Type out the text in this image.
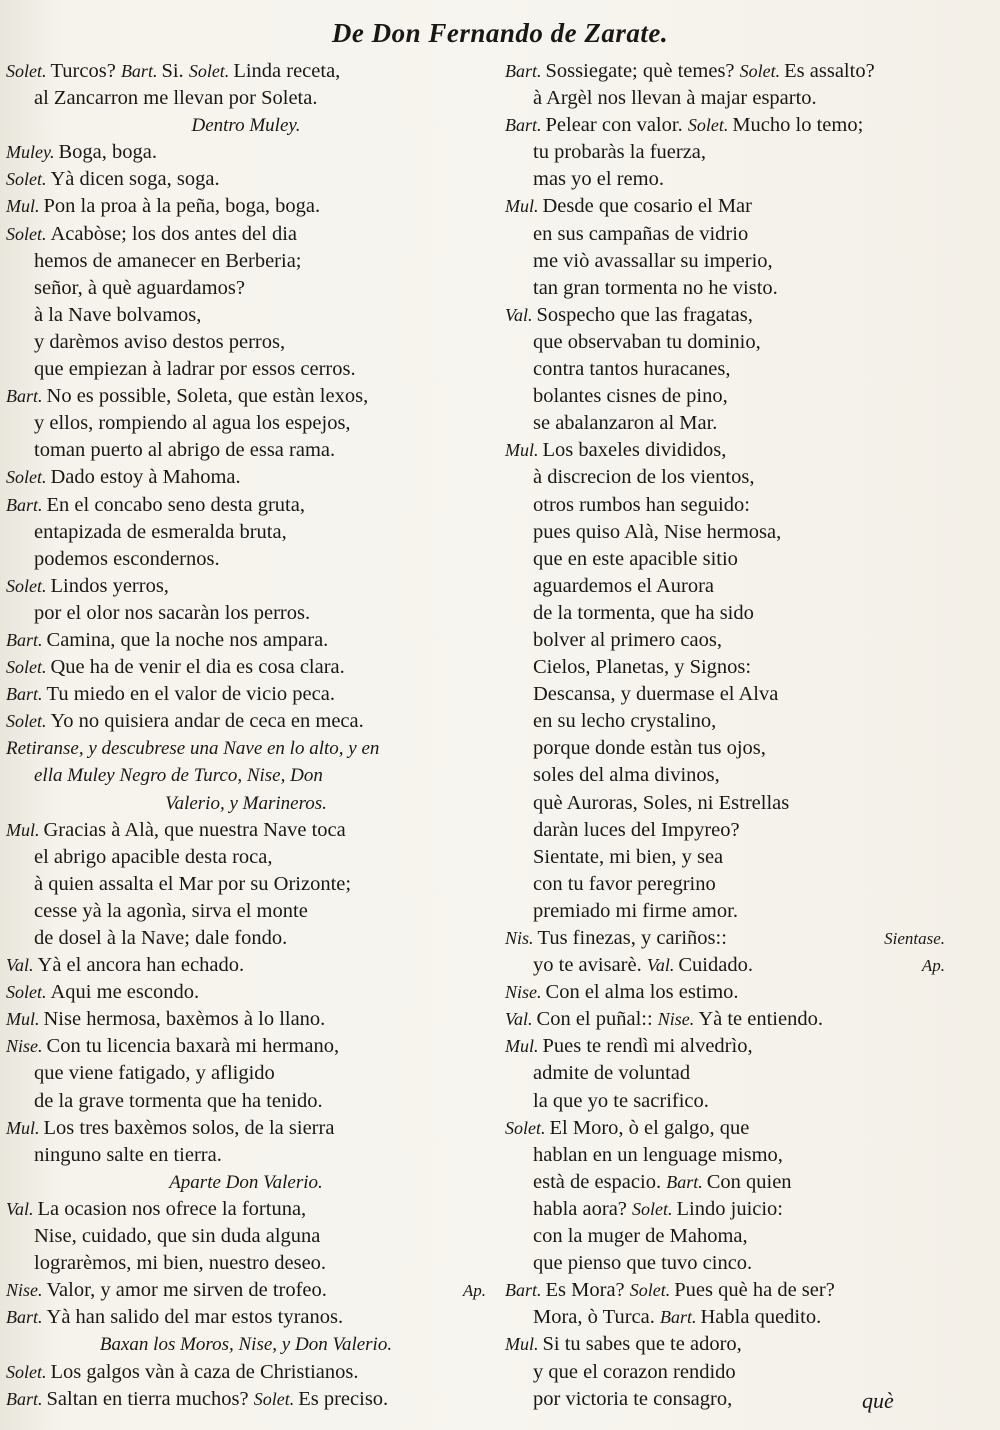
De Don Fernando de Zarate.
Solet. Turcos? Bart. Si. Solet. Linda receta,
al Zancarron me llevan por Soleta.
Dentro Muley.
Muley. Boga, boga.
Solet. Yà dicen soga, soga.
Mul. Pon la proa à la peña, boga, boga.
Solet. Acabòse; los dos antes del dia
hemos de amanecer en Berberia;
señor, à què aguardamos?
à la Nave bolvamos,
y darèmos aviso destos perros,
que empiezan à ladrar por essos cerros.
Bart. No es possible, Soleta, que estàn lexos,
y ellos, rompiendo al agua los espejos,
toman puerto al abrigo de essa rama.
Solet. Dado estoy à Mahoma.
Bart. En el concabo seno desta gruta,
entapizada de esmeralda bruta,
podemos escondernos.
Solet. Lindos yerros,
por el olor nos sacaràn los perros.
Bart. Camina, que la noche nos ampara.
Solet. Que ha de venir el dia es cosa clara.
Bart. Tu miedo en el valor de vicio peca.
Solet. Yo no quisiera andar de ceca en meca.
Retiranse, y descubrese una Nave en lo alto, y en
ella Muley Negro de Turco, Nise, Don
Valerio, y Marineros.
Mul. Gracias à Alà, que nuestra Nave toca
el abrigo apacible desta roca,
à quien assalta el Mar por su Orizonte;
cesse yà la agonìa, sirva el monte
de dosel à la Nave; dale fondo.
Val. Yà el ancora han echado.
Solet. Aqui me escondo.
Mul. Nise hermosa, baxèmos à lo llano.
Nise. Con tu licencia baxarà mi hermano,
que viene fatigado, y afligido
de la grave tormenta que ha tenido.
Mul. Los tres baxèmos solos, de la sierra
ninguno salte en tierra.
Aparte Don Valerio.
Val. La ocasion nos ofrece la fortuna,
Nise, cuidado, que sin duda alguna
lograrèmos, mi bien, nuestro deseo.
Nise. Valor, y amor me sirven de trofeo.	Ap.
Bart. Yà han salido del mar estos tyranos.
Baxan los Moros, Nise, y Don Valerio.
Solet. Los galgos vàn à caza de Christianos.
Bart. Saltan en tierra muchos? Solet. Es preciso.
Bart. Sossiegate; què temes? Solet. Es assalto?
à Argèl nos llevan à majar esparto.
Bart. Pelear con valor. Solet. Mucho lo temo;
tu probaràs la fuerza,
mas yo el remo.
Mul. Desde que cosario el Mar
en sus campañas de vidrio
me viò avassallar su imperio,
tan gran tormenta no he visto.
Val. Sospecho que las fragatas,
que observaban tu dominio,
contra tantos huracanes,
bolantes cisnes de pino,
se abalanzaron al Mar.
Mul. Los baxeles divididos,
à discrecion de los vientos,
otros rumbos han seguido:
pues quiso Alà, Nise hermosa,
que en este apacible sitio
aguardemos el Aurora
de la tormenta, que ha sido
bolver al primero caos,
Cielos, Planetas, y Signos:
Descansa, y duermase el Alva
en su lecho crystalino,
porque donde estàn tus ojos,
soles del alma divinos,
què Auroras, Soles, ni Estrellas
daràn luces del Impyreo?
Sientate, mi bien, y sea
con tu favor peregrino
premiado mi firme amor.
Nis. Tus finezas, y cariños::	Sientase.
yo te avisarè. Val. Cuidado.	Ap.
Nise. Con el alma los estimo.
Val. Con el puñal:: Nise. Yà te entiendo.
Mul. Pues te rendì mi alvedrìo,
admite de voluntad
la que yo te sacrifico.
Solet. El Moro, ò el galgo, que
hablan en un lenguage mismo,
està de espacio. Bart. Con quien
habla aora? Solet. Lindo juicio:
con la muger de Mahoma,
que pienso que tuvo cinco.
Bart. Es Mora? Solet. Pues què ha de ser?
Mora, ò Turca. Bart. Habla quedito.
Mul. Si tu sabes que te adoro,
y que el corazon rendido
por victoria te consagro,	què
